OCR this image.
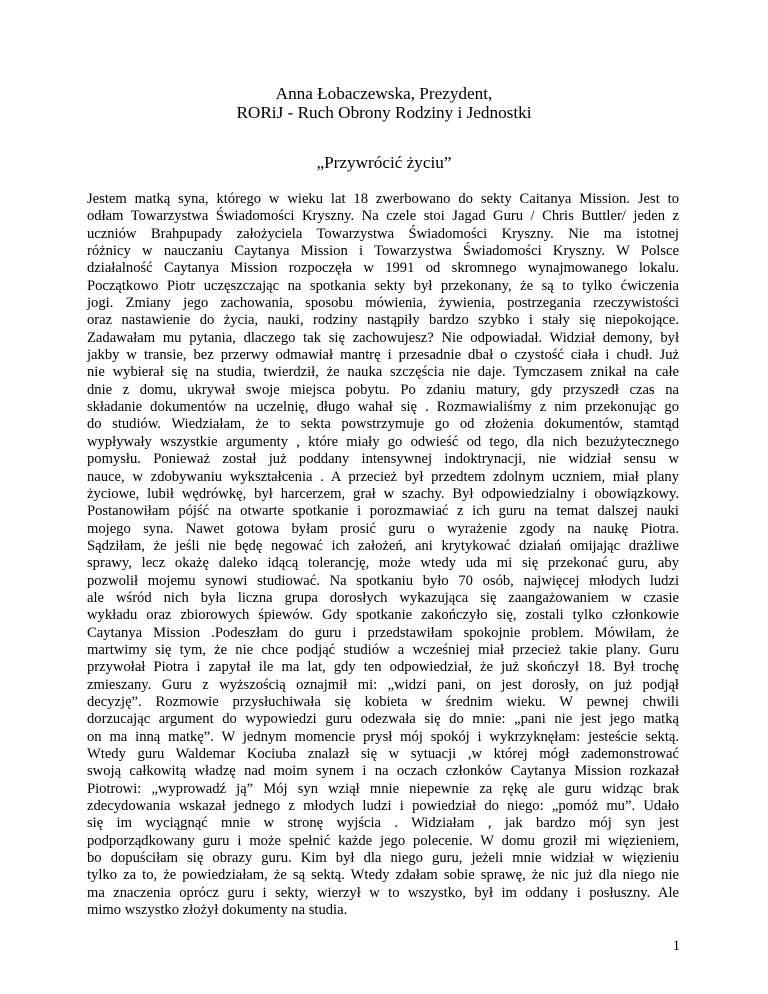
Anna Łobaczewska, Prezydent,
RORiJ - Ruch Obrony Rodziny i Jednostki
„Przywrócić życiu”
Jestem matką syna, którego w wieku lat 18 zwerbowano do sekty Caitanya Mission. Jest to
odłam Towarzystwa Świadomości Kryszny. Na czele stoi Jagad Guru / Chris Buttler/ jeden z
uczniów Brahpupady założyciela Towarzystwa Świadomości Kryszny. Nie ma istotnej
różnicy w nauczaniu Caytanya Mission i Towarzystwa Świadomości Kryszny. W Polsce
działalność Caytanya Mission rozpoczęła w 1991 od skromnego wynajmowanego lokalu.
Początkowo Piotr uczęszczając na spotkania sekty był przekonany, że są to tylko ćwiczenia
jogi. Zmiany jego zachowania, sposobu mówienia, żywienia, postrzegania rzeczywistości
oraz nastawienie do życia, nauki, rodziny nastąpiły bardzo szybko i stały się niepokojące.
Zadawałam mu pytania, dlaczego tak się zachowujesz? Nie odpowiadał. Widział demony, był
jakby w transie, bez przerwy odmawiał mantrę i przesadnie dbał o czystość ciała i chudł. Już
nie wybierał się na studia, twierdził, że nauka szczęścia nie daje. Tymczasem znikał na całe
dnie z domu, ukrywał swoje miejsca pobytu. Po zdaniu matury, gdy przyszedł czas na
składanie dokumentów na uczelnię, długo wahał się . Rozmawialiśmy z nim przekonując go
do studiów. Wiedziałam, że to sekta powstrzymuje go od złożenia dokumentów, stamtąd
wypływały wszystkie argumenty , które miały go odwieść od tego, dla nich bezużytecznego
pomysłu. Ponieważ został już poddany intensywnej indoktrynacji, nie widział sensu w
nauce, w zdobywaniu wykształcenia . A przecież był przedtem zdolnym uczniem, miał plany
życiowe, lubił wędrówkę, był harcerzem, grał w szachy. Był odpowiedzialny i obowiązkowy.
Postanowiłam pójść na otwarte spotkanie i porozmawiać z ich guru na temat dalszej nauki
mojego syna. Nawet gotowa byłam prosić guru o wyrażenie zgody na naukę Piotra.
Sądziłam, że jeśli nie będę negować ich założeń, ani krytykować działań omijając drażliwe
sprawy, lecz okażę daleko idącą tolerancję, może wtedy uda mi się przekonać guru, aby
pozwolił mojemu synowi studiować. Na spotkaniu było 70 osób, najwięcej młodych ludzi
ale wśród nich była liczna grupa dorosłych wykazująca się zaangażowaniem w czasie
wykładu oraz zbiorowych śpiewów. Gdy spotkanie zakończyło się, zostali tylko członkowie
Caytanya Mission .Podeszłam do guru i przedstawiłam spokojnie problem. Mówiłam, że
martwimy się tym, że nie chce podjąć studiów a wcześniej miał przecież takie plany. Guru
przywołał Piotra i zapytał ile ma lat, gdy ten odpowiedział, że już skończył 18. Był trochę
zmieszany. Guru z wyższością oznajmił mi: „widzi pani, on jest dorosły, on już podjął
decyzję”. Rozmowie przysłuchiwała się kobieta w średnim wieku. W pewnej chwili
dorzucając argument do wypowiedzi guru odezwała się do mnie: „pani nie jest jego matką
on ma inną matkę”. W jednym momencie prysł mój spokój i wykrzyknęłam: jesteście sektą.
Wtedy guru Waldemar Kociuba znalazł się w sytuacji ,w której mógł zademonstrować
swoją całkowitą władzę nad moim synem i na oczach członków Caytanya Mission rozkazał
Piotrowi: „wyprowadź ją” Mój syn wziął mnie niepewnie za rękę ale guru widząc brak
zdecydowania wskazał jednego z młodych ludzi i powiedział do niego: „pomóż mu”. Udało
się im wyciągnąć mnie w stronę wyjścia . Widziałam , jak bardzo mój syn jest
podporządkowany guru i może spełnić każde jego polecenie. W domu groził mi więzieniem,
bo dopuściłam się obrazy guru. Kim był dla niego guru, jeżeli mnie widział w więzieniu
tylko za to, że powiedziałam, że są sektą. Wtedy zdałam sobie sprawę, że nic już dla niego nie
ma znaczenia oprócz guru i sekty, wierzył w to wszystko, był im oddany i posłuszny. Ale
mimo wszystko złożył dokumenty na studia.
1
